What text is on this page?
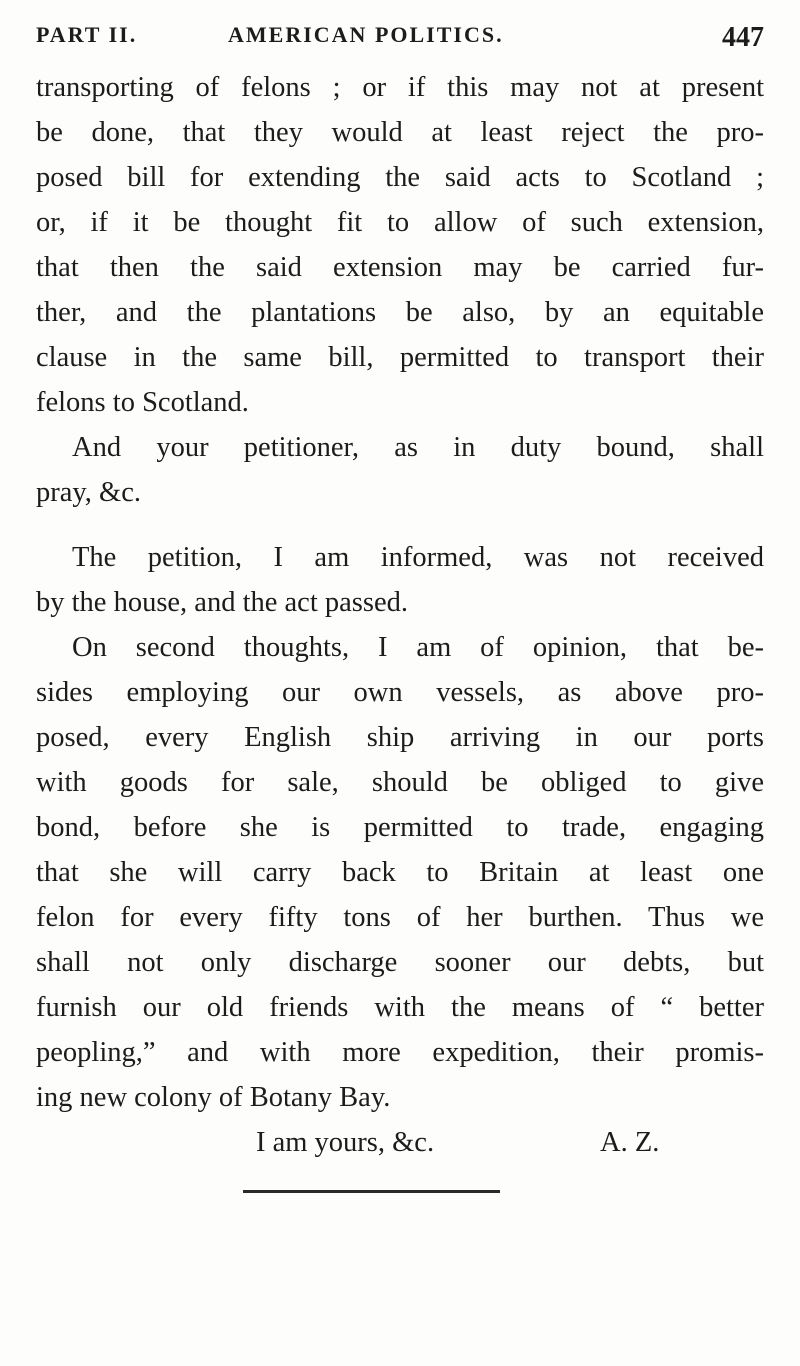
PART II.	AMERICAN POLITICS.	447
transporting of felons ; or if this may not at present
be done, that they would at least reject the pro-
posed bill for extending the said acts to Scotland ;
or, if it be thought fit to allow of such extension,
that then the said extension may be carried fur-
ther, and the plantations be also, by an equitable
clause in the same bill, permitted to transport their
felons to Scotland.
And your petitioner, as in duty bound, shall
pray, &c.
The petition, I am informed, was not received
by the house, and the act passed.
On second thoughts, I am of opinion, that be-
sides employing our own vessels, as above pro-
posed, every English ship arriving in our ports
with goods for sale, should be obliged to give
bond, before she is permitted to trade, engaging
that she will carry back to Britain at least one
felon for every fifty tons of her burthen. Thus we
shall not only discharge sooner our debts, but
furnish our old friends with the means of “ better
peopling,” and with more expedition, their promis-
ing new colony of Botany Bay.
I am yours, &c.	A. Z.
